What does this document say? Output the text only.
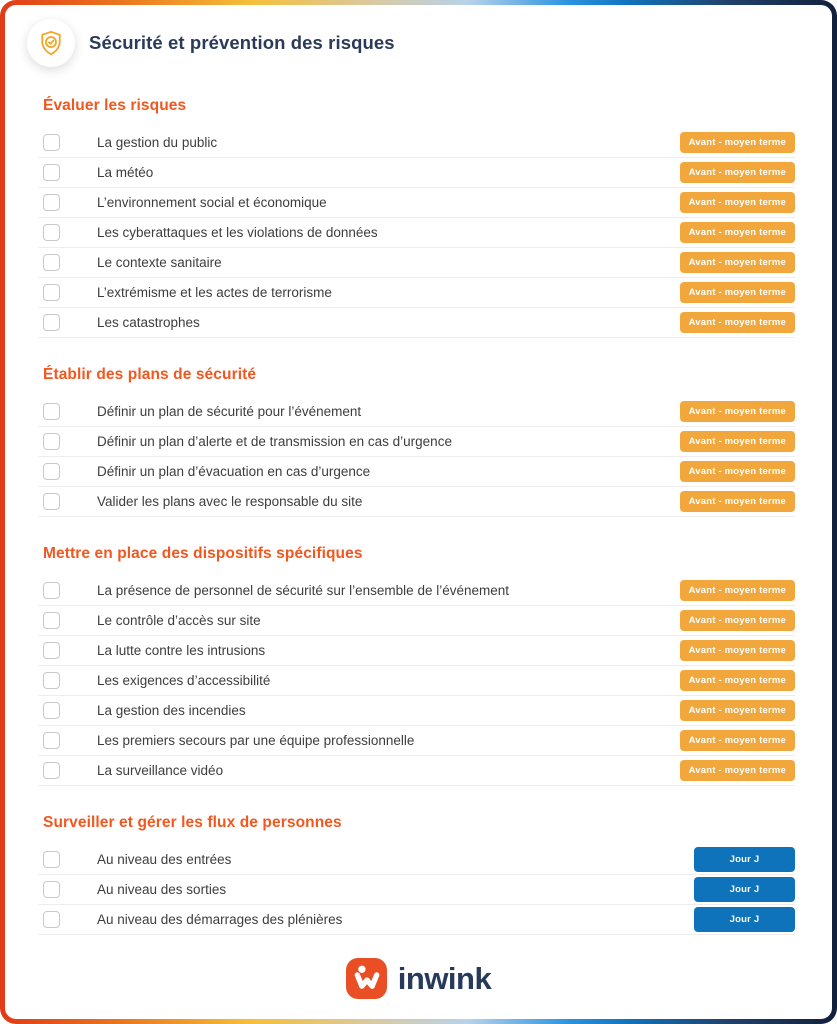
Sécurité et prévention des risques
Évaluer les risques
La gestion du public	Avant - moyen terme
La météo	Avant - moyen terme
L’environnement social et économique	Avant - moyen terme
Les cyberattaques et les violations de données	Avant - moyen terme
Le contexte sanitaire	Avant - moyen terme
L’extrémisme et les actes de terrorisme	Avant - moyen terme
Les catastrophes	Avant - moyen terme
Établir des plans de sécurité
Définir un plan de sécurité pour l’événement	Avant - moyen terme
Définir un plan d’alerte et de transmission en cas d’urgence	Avant - moyen terme
Définir un plan d’évacuation en cas d’urgence	Avant - moyen terme
Valider les plans avec le responsable du site	Avant - moyen terme
Mettre en place des dispositifs spécifiques
La présence de personnel de sécurité sur l’ensemble de l’événement	Avant - moyen terme
Le contrôle d’accès sur site	Avant - moyen terme
La lutte contre les intrusions	Avant - moyen terme
Les exigences d’accessibilité	Avant - moyen terme
La gestion des incendies	Avant - moyen terme
Les premiers secours par une équipe professionnelle	Avant - moyen terme
La surveillance vidéo	Avant - moyen terme
Surveiller et gérer les flux de personnes
Au niveau des entrées	Jour J
Au niveau des sorties	Jour J
Au niveau des démarrages des plénières	Jour J
inwink
